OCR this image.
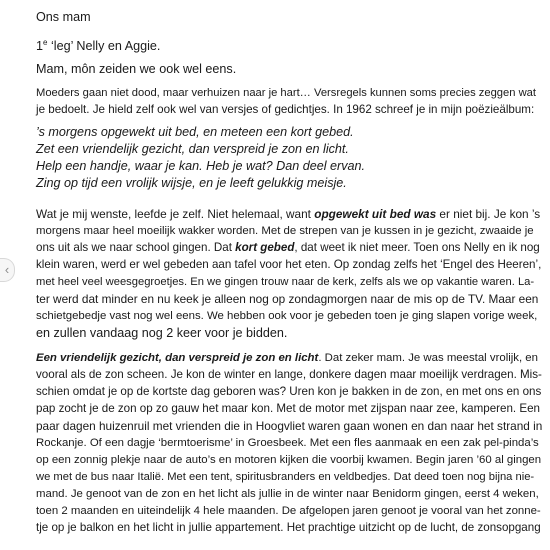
‹
Ons mam
1e ‘leg’ Nelly en Aggie.
Mam, môn zeiden we ook wel eens.
Moeders gaan niet dood, maar verhuizen naar je hart… Versregels kunnen soms precies zeggen wat
je bedoelt. Je hield zelf ook wel van versjes of gedichtjes. In 1962 schreef je in mijn poëzieälbum:
’s morgens opgewekt uit bed, en meteen een kort gebed.
Zet een vriendelijk gezicht, dan verspreid je zon en licht.
Help een handje, waar je kan. Heb je wat? Dan deel ervan.
Zing op tijd een vrolijk wijsje, en je leeft gelukkig meisje.
Wat je mij wenste, leefde je zelf. Niet helemaal, want opgewekt uit bed was er niet bij. Je kon ’s
morgens maar heel moeilijk wakker worden. Met de strepen van je kussen in je gezicht, zwaaide je
ons uit als we naar school gingen. Dat kort gebed, dat weet ik niet meer. Toen ons Nelly en ik nog
klein waren, werd er wel gebeden aan tafel voor het eten. Op zondag zelfs het ‘Engel des Heeren’,
met heel veel weesgegroetjes. En we gingen trouw naar de kerk, zelfs als we op vakantie waren. La-
ter werd dat minder en nu keek je alleen nog op zondagmorgen naar de mis op de TV. Maar een
schietgebedje vast nog wel eens. We hebben ook voor je gebeden toen je ging slapen vorige week,
en zullen vandaag nog 2 keer voor je bidden.
Een vriendelijk gezicht, dan verspreid je zon en licht. Dat zeker mam. Je was meestal vrolijk, en
vooral als de zon scheen. Je kon de winter en lange, donkere dagen maar moeilijk verdragen. Mis-
schien omdat je op de kortste dag geboren was? Uren kon je bakken in de zon, en met ons en ons
pap zocht je de zon op zo gauw het maar kon. Met de motor met zijspan naar zee, kamperen. Een
paar dagen huizenruil met vrienden die in Hoogvliet waren gaan wonen en dan naar het strand in
Rockanje. Of een dagje ‘bermtoerisme’ in Groesbeek. Met een fles aanmaak en een zak pel-pinda’s
op een zonnig plekje naar de auto’s en motoren kijken die voorbij kwamen. Begin jaren ’60 al gingen
we met de bus naar Italië. Met een tent, spiritusbranders en veldbedjes. Dat deed toen nog bijna nie-
mand. Je genoot van de zon en het licht als jullie in de winter naar Benidorm gingen, eerst 4 weken,
toen 2 maanden en uiteindelijk 4 hele maanden. De afgelopen jaren genoot je vooral van het zonne-
tje op je balkon en het licht in jullie appartement. Het prachtige uitzicht op de lucht, de zonsopgang
